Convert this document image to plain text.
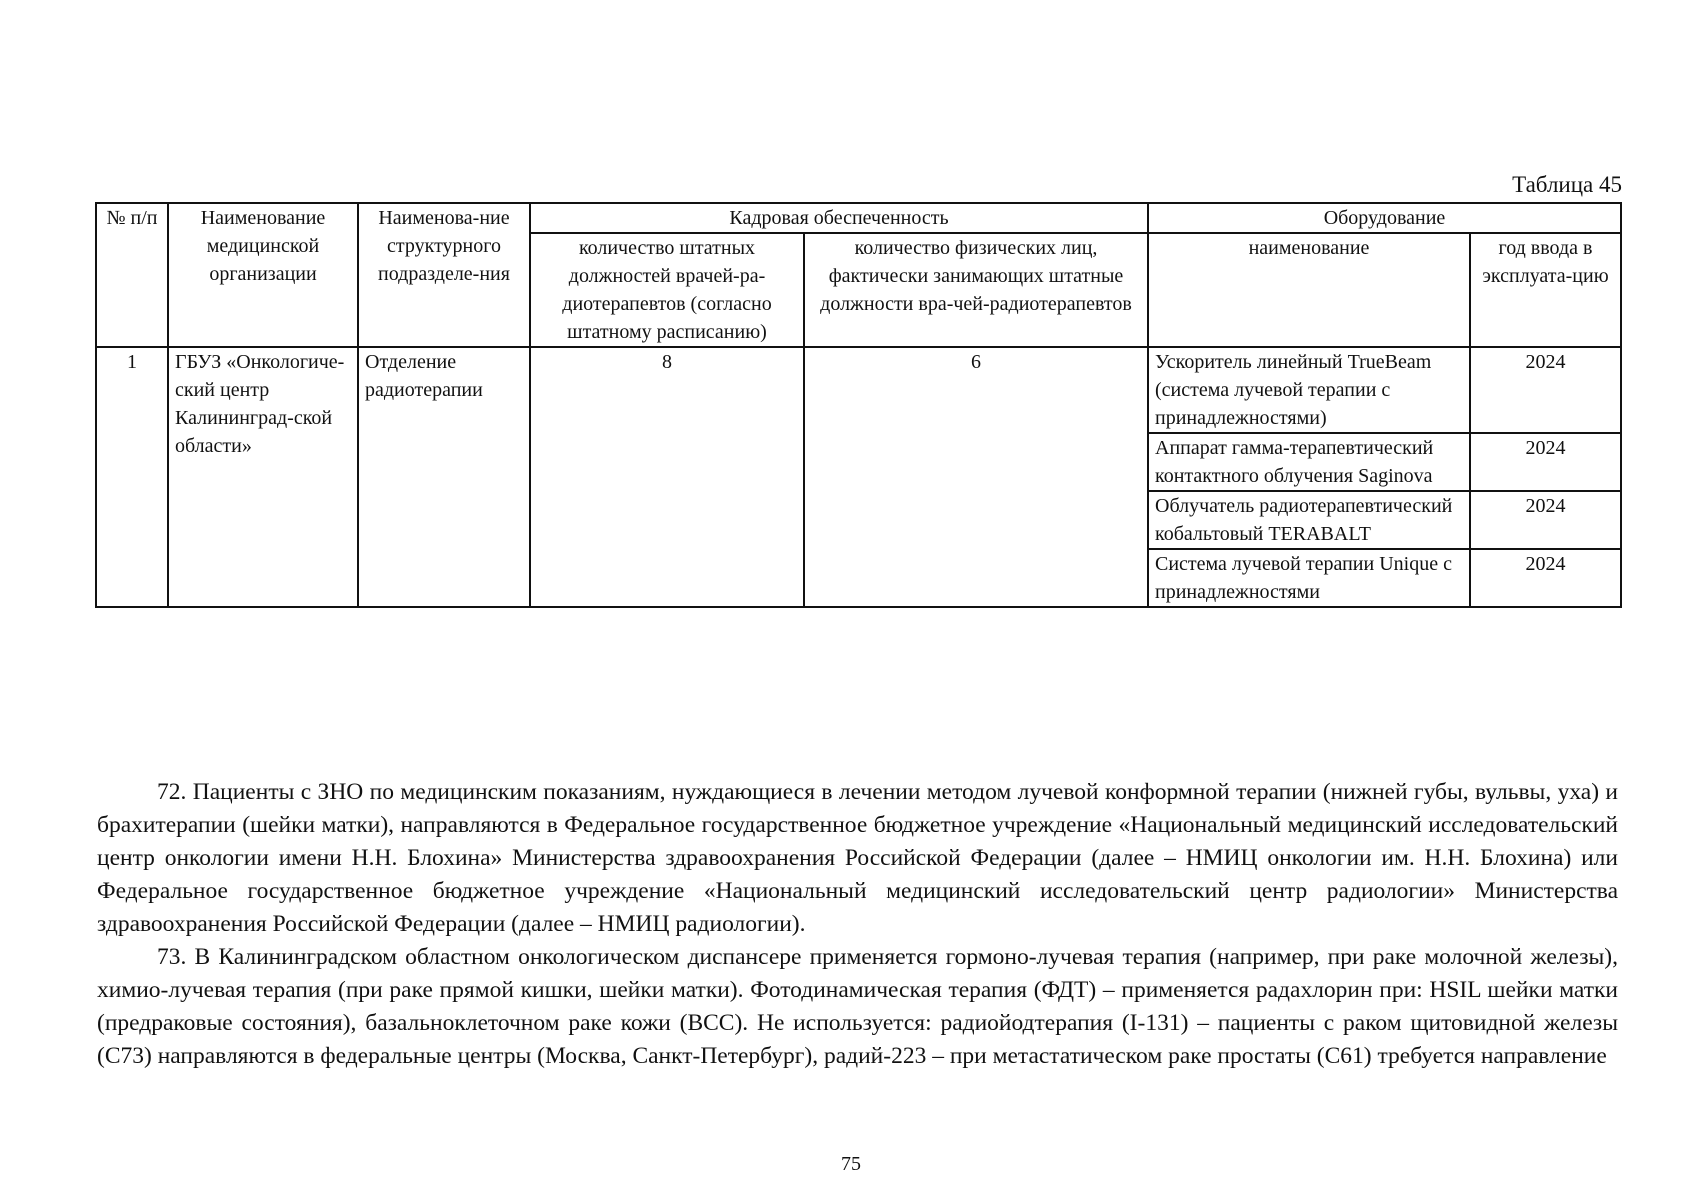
Таблица 45
№ п/п	Наименование медицинской организации	Наименова-ние структурного подразделе-ния	Кадровая обеспеченность		Оборудование	
			количество штатных должностей врачей-ра-диотерапевтов (согласно штатному расписанию)	количество физических лиц, фактически занимающих штатные должности вра-чей-радиотерапевтов	наименование	год ввода в эксплуата-цию
1	ГБУЗ «Онкологиче-ский центр Калининград-ской области»	Отделение радиотерапии	8	6	Ускоритель линейный TrueBeam (система лучевой терапии с принадлежностями)	2024
					Аппарат гамма-терапевтический контактного облучения Saginova	2024
					Облучатель радиотерапевтический кобальтовый TERABALT	2024
					Система лучевой терапии Unique с принадлежностями	2024

72. Пациенты с ЗНО по медицинским показаниям, нуждающиеся в лечении методом лучевой конформной терапии (нижней губы, вульвы, уха) и брахитерапии (шейки матки), направляются в Федеральное государственное бюджетное учреждение «Национальный медицинский исследовательский центр онкологии имени Н.Н. Блохина» Министерства здравоохранения Российской Федерации (далее – НМИЦ онкологии им. Н.Н. Блохина) или Федеральное государственное бюджетное учреждение «Национальный медицинский исследовательский центр радиологии» Министерства здравоохранения Российской Федерации (далее – НМИЦ радиологии).

73. В Калининградском областном онкологическом диспансере применяется гормоно-лучевая терапия (например, при раке молочной железы), химио-лучевая терапия (при раке прямой кишки, шейки матки). Фотодинамическая терапия (ФДТ) – применяется радахлорин при: HSIL шейки матки (предраковые состояния), базальноклеточном раке кожи (BCC). Не используется: радиойодтерапия (I-131) – пациенты с раком щитовидной железы (C73) направляются в федеральные центры (Москва, Санкт-Петербург), радий-223 – при метастатическом раке простаты (C61) требуется направление

75
